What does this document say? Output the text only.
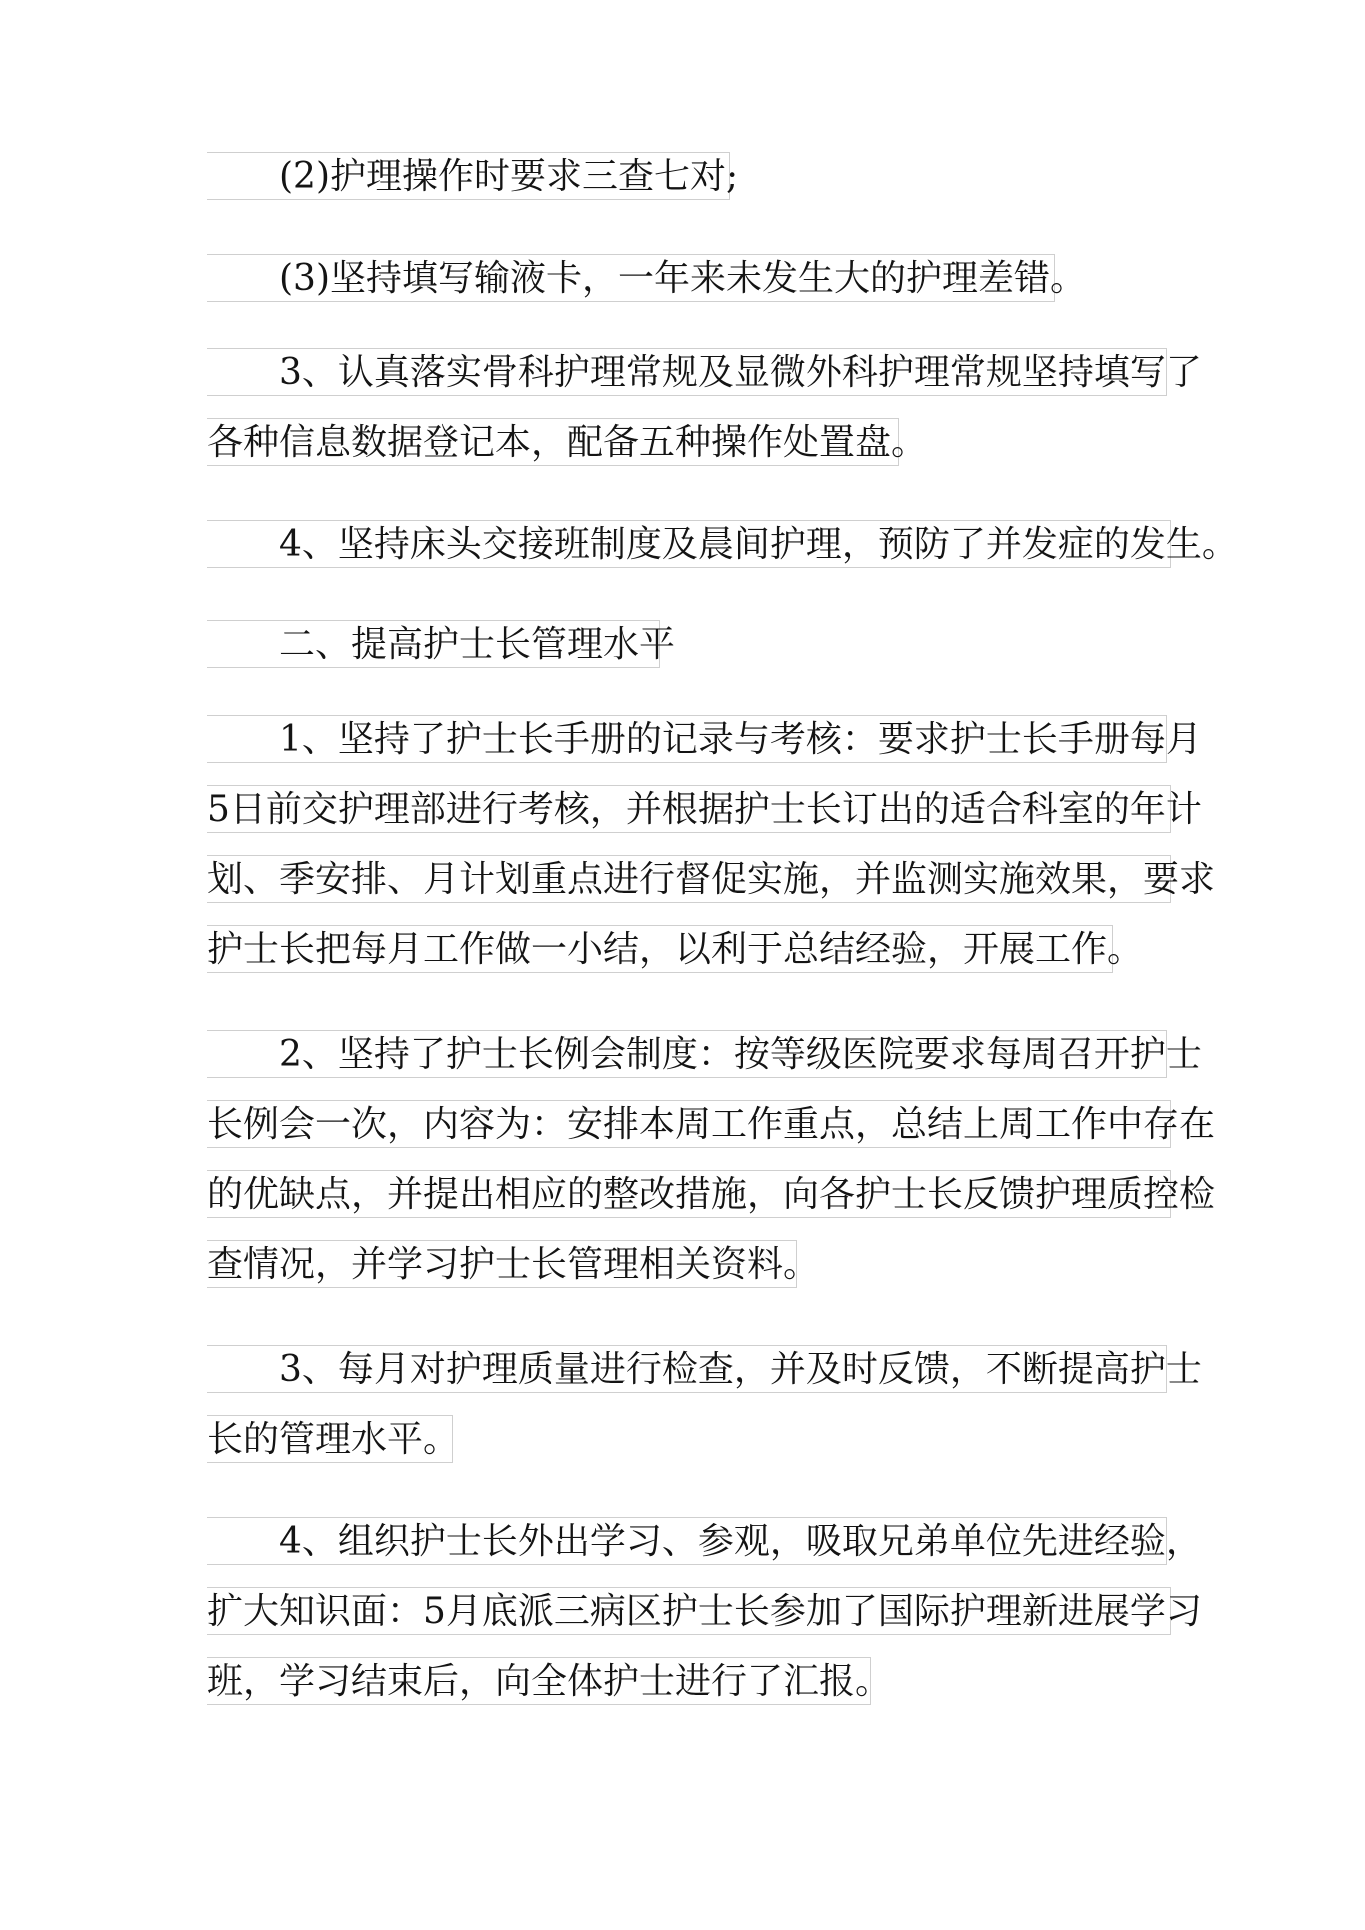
(2)护理操作时要求三查七对;
(3)坚持填写输液卡，一年来未发生大的护理差错。
3、认真落实骨科护理常规及显微外科护理常规坚持填写了
各种信息数据登记本，配备五种操作处置盘。
4、坚持床头交接班制度及晨间护理，预防了并发症的发生。
二、提高护士长管理水平
1、坚持了护士长手册的记录与考核：要求护士长手册每月
5日前交护理部进行考核，并根据护士长订出的适合科室的年计
划、季安排、月计划重点进行督促实施，并监测实施效果，要求
护士长把每月工作做一小结，以利于总结经验，开展工作。
2、坚持了护士长例会制度：按等级医院要求每周召开护士
长例会一次，内容为：安排本周工作重点，总结上周工作中存在
的优缺点，并提出相应的整改措施，向各护士长反馈护理质控检
查情况，并学习护士长管理相关资料。
3、每月对护理质量进行检查，并及时反馈，不断提高护士
长的管理水平。
4、组织护士长外出学习、参观，吸取兄弟单位先进经验，
扩大知识面：5月底派三病区护士长参加了国际护理新进展学习
班，学习结束后，向全体护士进行了汇报。
